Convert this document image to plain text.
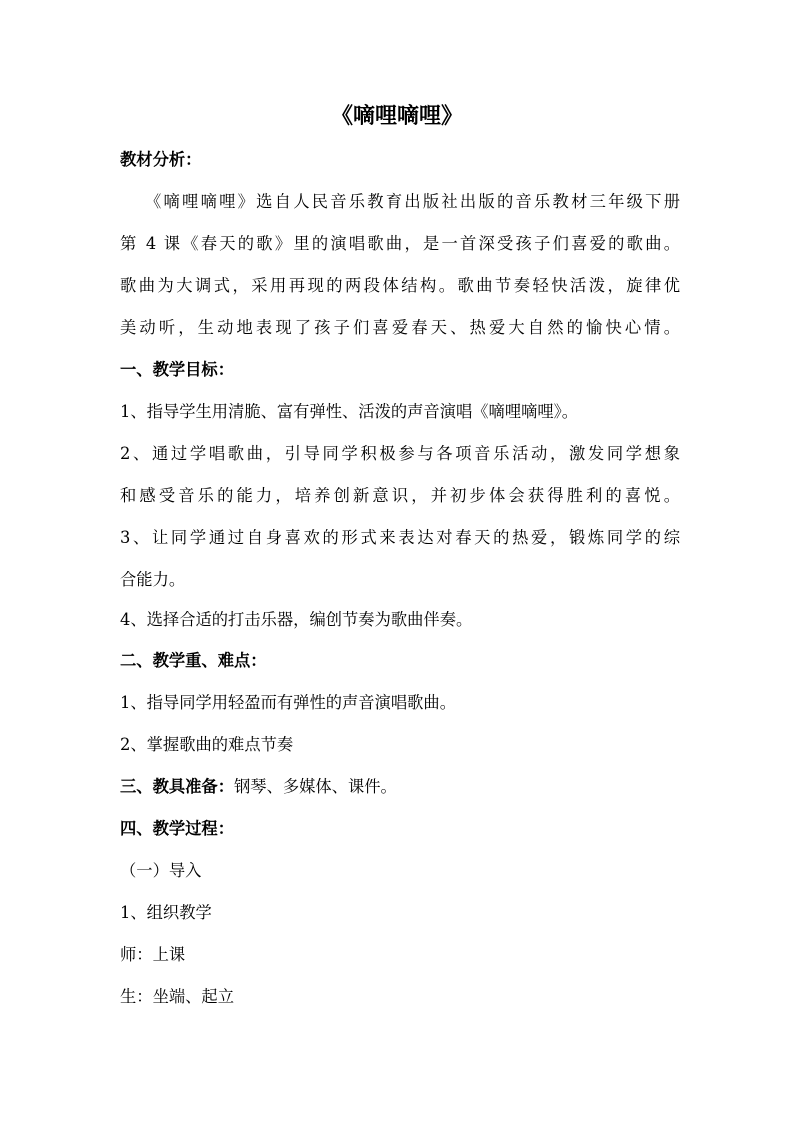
《嘀哩嘀哩》
教材分析：
《嘀哩嘀哩》选自人民音乐教育出版社出版的音乐教材三年级下册
第 4 课《春天的歌》里的演唱歌曲，是一首深受孩子们喜爱的歌曲。
歌曲为大调式，采用再现的两段体结构。歌曲节奏轻快活泼，旋律优
美动听，生动地表现了孩子们喜爱春天、热爱大自然的愉快心情。
一、教学目标：
1、指导学生用清脆、富有弹性、活泼的声音演唱《嘀哩嘀哩》。
2、通过学唱歌曲，引导同学积极参与各项音乐活动，激发同学想象
和感受音乐的能力，培养创新意识，并初步体会获得胜利的喜悦。
3、让同学通过自身喜欢的形式来表达对春天的热爱，锻炼同学的综
合能力。
4、选择合适的打击乐器，编创节奏为歌曲伴奏。
二、教学重、难点：
1、指导同学用轻盈而有弹性的声音演唱歌曲。
2、掌握歌曲的难点节奏
三、教具准备：钢琴、多媒体、课件。
四、教学过程：
（一）导入
1、组织教学
师：上课
生：坐端、起立
